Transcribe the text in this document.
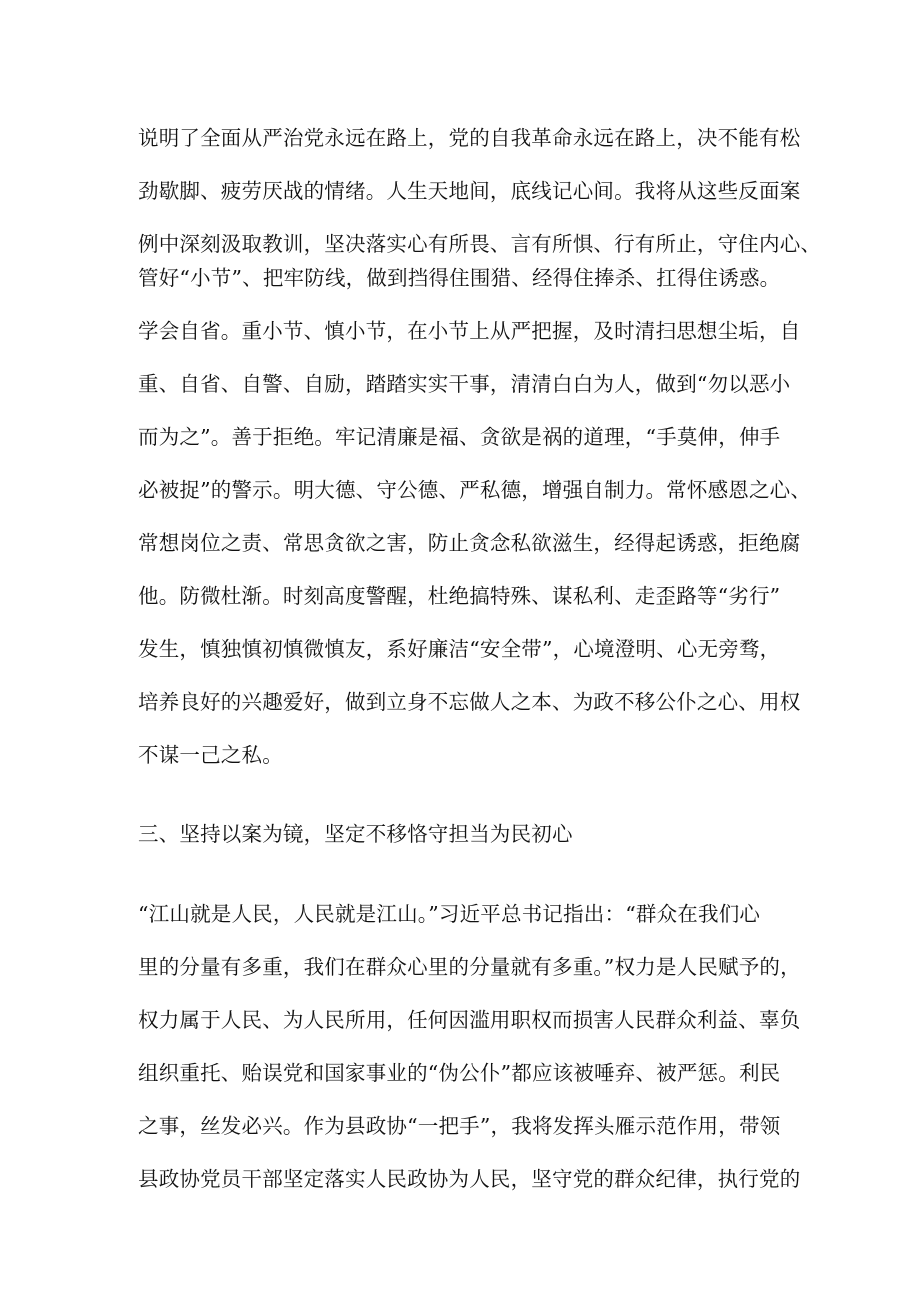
说明了全面从严治党永远在路上，党的自我革命永远在路上，决不能有松
劲歇脚、疲劳厌战的情绪。人生天地间，底线记心间。我将从这些反面案
例中深刻汲取教训，坚决落实心有所畏、言有所惧、行有所止，守住内心、
管好“小节”、把牢防线，做到挡得住围猎、经得住捧杀、扛得住诱惑。
学会自省。重小节、慎小节，在小节上从严把握，及时清扫思想尘垢，自
重、自省、自警、自励，踏踏实实干事，清清白白为人，做到“勿以恶小
而为之”。善于拒绝。牢记清廉是福、贪欲是祸的道理，“手莫伸，伸手
必被捉”的警示。明大德、守公德、严私德，增强自制力。常怀感恩之心、
常想岗位之责、常思贪欲之害，防止贪念私欲滋生，经得起诱惑，拒绝腐
他。防微杜渐。时刻高度警醒，杜绝搞特殊、谋私利、走歪路等“劣行”
发生，慎独慎初慎微慎友，系好廉洁“安全带”，心境澄明、心无旁骛，
培养良好的兴趣爱好，做到立身不忘做人之本、为政不移公仆之心、用权
不谋一己之私。
三、坚持以案为镜，坚定不移恪守担当为民初心
“江山就是人民，人民就是江山。”习近平总书记指出：“群众在我们心
里的分量有多重，我们在群众心里的分量就有多重。”权力是人民赋予的，
权力属于人民、为人民所用，任何因滥用职权而损害人民群众利益、辜负
组织重托、贻误党和国家事业的“伪公仆”都应该被唾弃、被严惩。利民
之事，丝发必兴。作为县政协“一把手”，我将发挥头雁示范作用，带领
县政协党员干部坚定落实人民政协为人民，坚守党的群众纪律，执行党的
